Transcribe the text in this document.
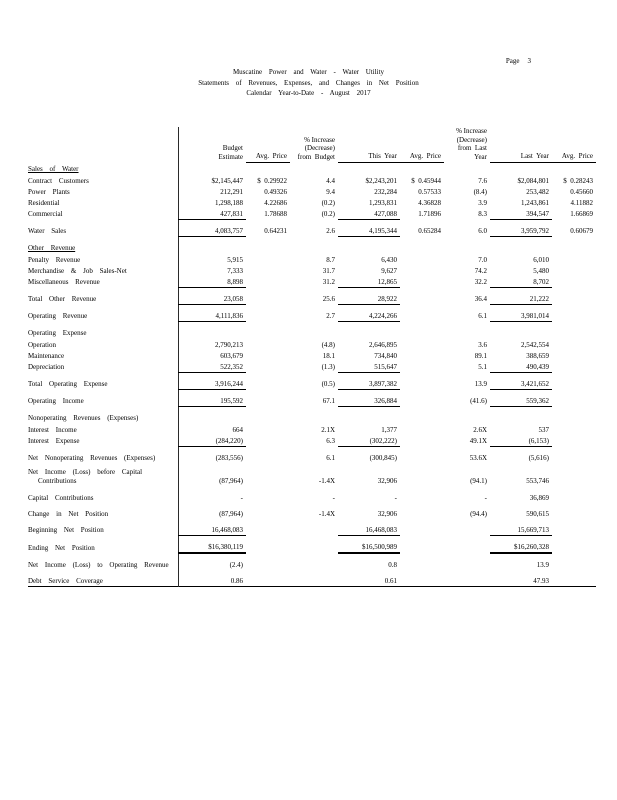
Page 3
Muscatine Power and Water - Water Utility
Statements of Revenues, Expenses, and Changes in Net Position
Calendar Year-to-Date - August 2017

Budget
Estimate	Avg.  Price

% Increase
(Decrease)
from  Budget	This  Year	Avg.  Price

% Increase
(Decrease)
from  Last
Year	Last  Year	Avg.  Price

Sales of Water								
Contract Customers	$2,145,447	$  0.29922	4.4	$2,243,201	$  0.45944	7.6	$2,084,801	$  0.28243
Power Plants	212,291	0.49326	9.4	232,284	0.57533	(8.4)	253,482	0.45660
Residential	1,298,188	4.22686	(0.2)	1,293,831	4.36828	3.9	1,243,861	4.11882
Commercial	427,831	1.78688	(0.2)	427,088	1.71896	8.3	394,547	1.66869

Water Sales	4,083,757	0.64231	2.6	4,195,344	0.65284	6.0	3,959,792	0.60679

Other Revenue								
Penalty Revenue	5,915		8.7	6,430		7.0	6,010	
Merchandise & Job Sales-Net	7,333		31.7	9,627		74.2	5,480	
Miscellaneous Revenue	8,898		31.2	12,865		32.2	8,702	

Total Other Revenue	23,058		25.6	28,922		36.4	21,222	

Operating Revenue	4,111,836		2.7	4,224,266		6.1	3,981,014	

Operating Expense								
Operation	2,790,213		(4.8)	2,646,895		3.6	2,542,554	
Maintenance	603,679		18.1	734,840		89.1	388,659	
Depreciation	522,352		(1.3)	515,647		5.1	490,439	

Total Operating Expense	3,916,244		(0.5)	3,897,382		13.9	3,421,652	

Operating Income	195,592		67.1	326,884		(41.6)	559,362	

Nonoperating Revenues (Expenses)								
Interest Income	664		2.1X	1,377		2.6X	537	
Interest Expense	(284,220)		6.3	(302,222)		49.1X	(6,153)	

Net Nonoperating Revenues (Expenses)	(283,556)		6.1	(300,845)		53.6X	(5,616)	

Net Income (Loss) before Capital
Contributions	(87,964)		-1.4X	32,906		(94.1)	553,746	

Capital Contributions	-		-	-		-	36,869	

Change in Net Position	(87,964)		-1.4X	32,906		(94.4)	590,615	

Beginning Net Position	16,468,083			16,468,083			15,669,713	

Ending Net Position	$16,380,119			$16,500,989			$16,260,328	

Net Income (Loss) to Operating Revenue	(2.4)			0.8			13.9	

Debt Service Coverage	0.86			0.61			47.93	
